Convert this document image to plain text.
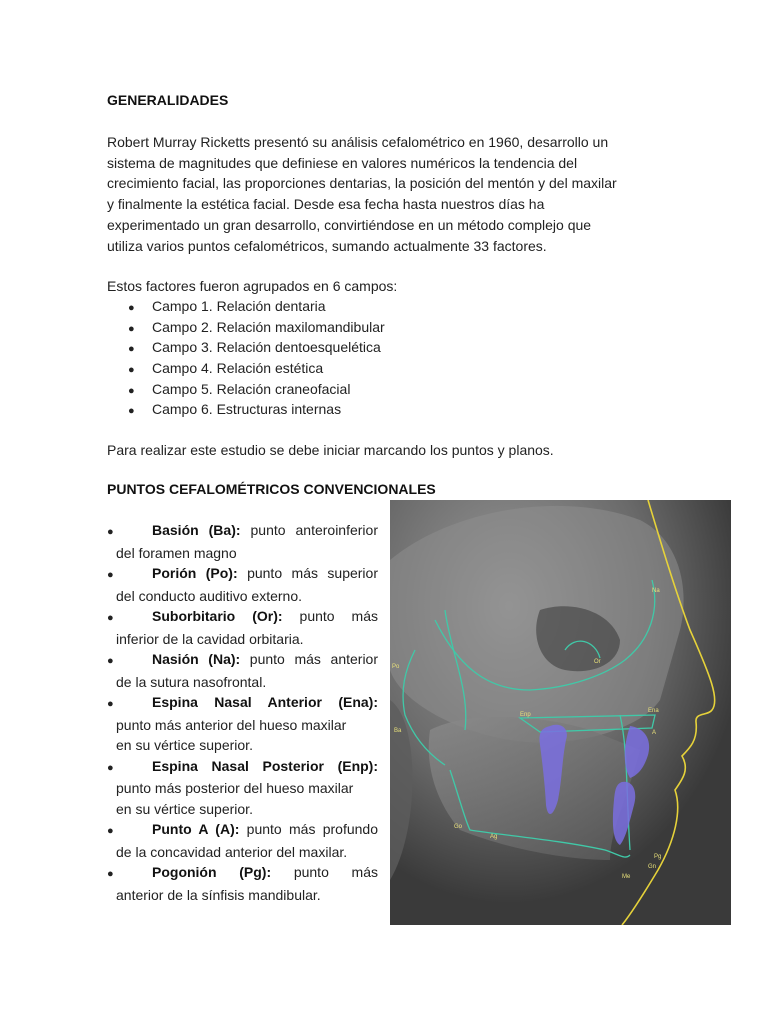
GENERALIDADES
Robert Murray Ricketts presentó su análisis cefalométrico en 1960, desarrollo un
sistema de magnitudes que definiese en valores numéricos la tendencia del
crecimiento facial, las proporciones dentarias, la posición del mentón y del maxilar
y finalmente la estética facial. Desde esa fecha hasta nuestros días ha
experimentado un gran desarrollo, convirtiéndose en un método complejo que
utiliza varios puntos cefalométricos, sumando actualmente 33 factores.
Estos factores fueron agrupados en 6 campos:
● Campo 1. Relación dentaria
● Campo 2. Relación maxilomandibular
● Campo 3. Relación dentoesquelética
● Campo 4. Relación estética
● Campo 5. Relación craneofacial
● Campo 6. Estructuras internas
Para realizar este estudio se debe iniciar marcando los puntos y planos.
PUNTOS CEFALOMÉTRICOS CONVENCIONALES
●	Basión (Ba): punto anteroinferior
del foramen magno
●	Porión (Po): punto más superior
del conducto auditivo externo.
●	Suborbitario (Or): punto más
inferior de la cavidad orbitaria.
●	Nasión (Na): punto más anterior
de la sutura nasofrontal.
●	Espina Nasal Anterior (Ena):
punto más anterior del hueso maxilar
en su vértice superior.
●	Espina Nasal Posterior (Enp):
punto más posterior del hueso maxilar
en su vértice superior.
●	Punto A (A): punto más profundo
de la concavidad anterior del maxilar.
●	Pogonión (Pg): punto más
anterior de la sínfisis mandibular.
Na
Or
Po
Ba
Enp
Ena
A
Go
Ag
Pg
Gn
Me
